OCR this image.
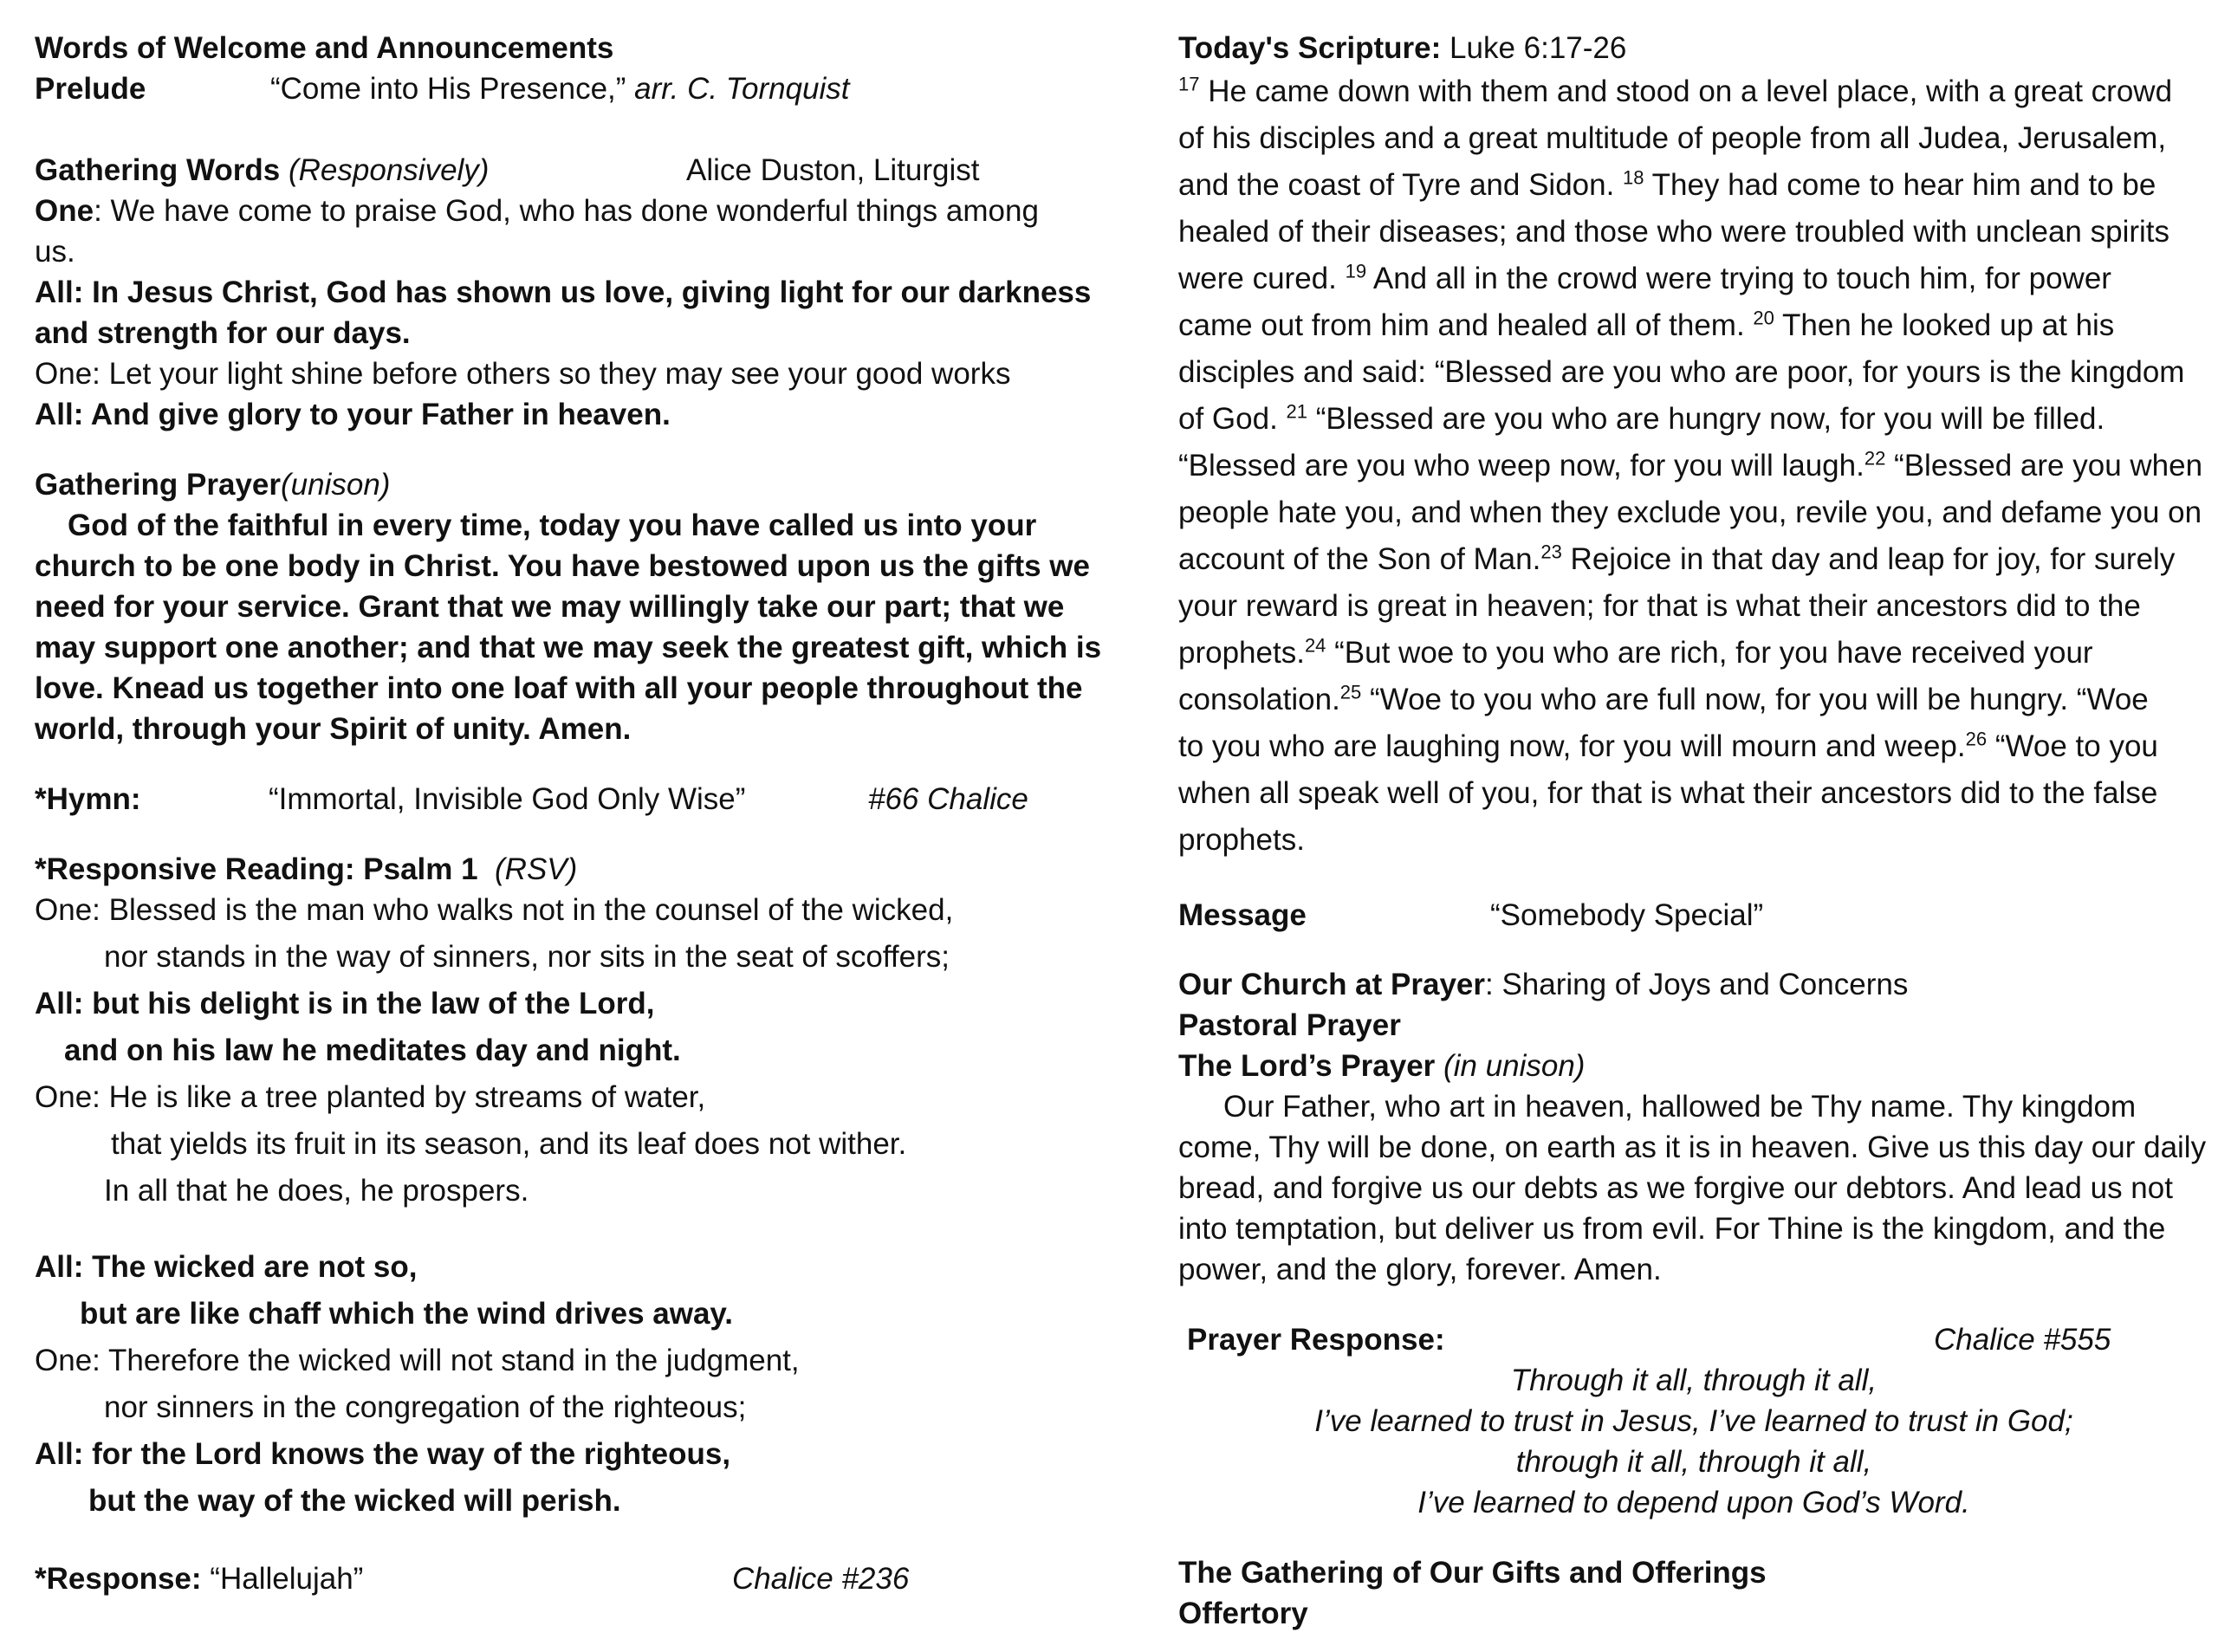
Words of Welcome and Announcements
Prelude	“Come into His Presence,” arr. C. Tornquist
Gathering Words (Responsively)	Alice Duston, Liturgist
One: We have come to praise God, who has done wonderful things among
us.
All: In Jesus Christ, God has shown us love, giving light for our darkness
and strength for our days.
One: Let your light shine before others so they may see your good works
All: And give glory to your Father in heaven.
Gathering Prayer(unison)
God of the faithful in every time, today you have called us into your
church to be one body in Christ. You have bestowed upon us the gifts we
need for your service. Grant that we may willingly take our part; that we
may support one another; and that we may seek the greatest gift, which is
love. Knead us together into one loaf with all your people throughout the
world, through your Spirit of unity. Amen.
*Hymn:	“Immortal, Invisible God Only Wise”	#66 Chalice
*Responsive Reading: Psalm 1 (RSV)
One: Blessed is the man who walks not in the counsel of the wicked,
nor stands in the way of sinners, nor sits in the seat of scoffers;
All: but his delight is in the law of the Lord,
and on his law he meditates day and night.
One: He is like a tree planted by streams of water,
that yields its fruit in its season, and its leaf does not wither.
In all that he does, he prospers.
All: The wicked are not so,
but are like chaff which the wind drives away.
One: Therefore the wicked will not stand in the judgment,
nor sinners in the congregation of the righteous;
All: for the Lord knows the way of the righteous,
but the way of the wicked will perish.
*Response: “Hallelujah”	Chalice #236
Today's Scripture: Luke 6:17-26
$^{17}$ He came down with them and stood on a level place, with a great crowd
of his disciples and a great multitude of people from all Judea, Jerusalem,
and the coast of Tyre and Sidon. $^{18}$ They had come to hear him and to be
healed of their diseases; and those who were troubled with unclean spirits
were cured. $^{19}$ And all in the crowd were trying to touch him, for power
came out from him and healed all of them. $^{20}$ Then he looked up at his
disciples and said: “Blessed are you who are poor, for yours is the kingdom
of God. $^{21}$ “Blessed are you who are hungry now, for you will be filled.
“Blessed are you who weep now, for you will laugh.$^{22}$ “Blessed are you when
people hate you, and when they exclude you, revile you, and defame you on
account of the Son of Man.$^{23}$ Rejoice in that day and leap for joy, for surely
your reward is great in heaven; for that is what their ancestors did to the
prophets.$^{24}$ “But woe to you who are rich, for you have received your
consolation.$^{25}$ “Woe to you who are full now, for you will be hungry. “Woe
to you who are laughing now, for you will mourn and weep.$^{26}$ “Woe to you
when all speak well of you, for that is what their ancestors did to the false
prophets.
Message	“Somebody Special”
Our Church at Prayer: Sharing of Joys and Concerns
Pastoral Prayer
The Lord’s Prayer (in unison)
Our Father, who art in heaven, hallowed be Thy name. Thy kingdom
come, Thy will be done, on earth as it is in heaven. Give us this day our daily
bread, and forgive us our debts as we forgive our debtors. And lead us not
into temptation, but deliver us from evil. For Thine is the kingdom, and the
power, and the glory, forever. Amen.
Prayer Response:	Chalice #555
Through it all, through it all,
I’ve learned to trust in Jesus, I’ve learned to trust in God;
through it all, through it all,
I’ve learned to depend upon God’s Word.
The Gathering of Our Gifts and Offerings
Offertory
